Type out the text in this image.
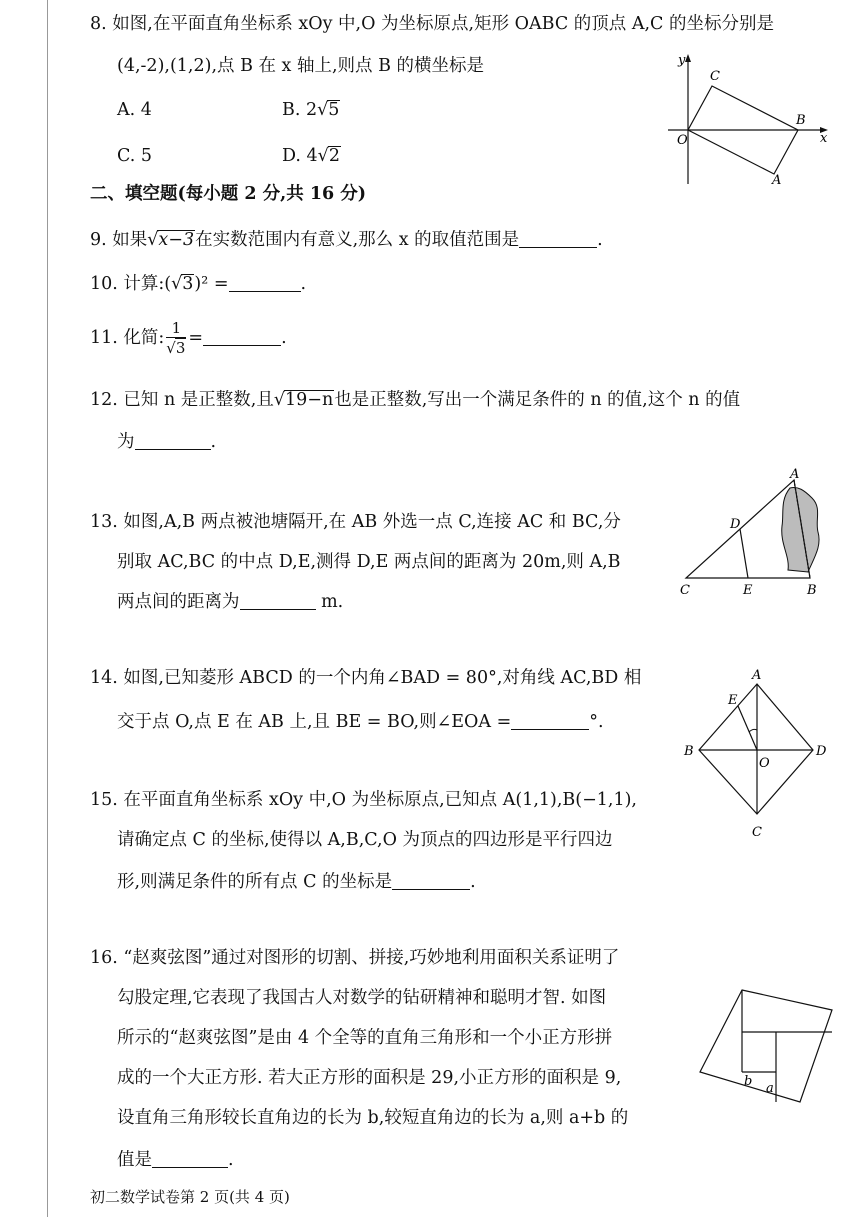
8. 如图,在平面直角坐标系 xOy 中,O 为坐标原点,矩形 OABC 的顶点 A,C 的坐标分别是
(4,-2),(1,2),点 B 在 x 轴上,则点 B 的横坐标是
A. 4	B. 2√5
C. 5	D. 4√2
y
x
O
C
B
A
二、填空题(每小题 2 分,共 16 分)
9. 如果√x−3在实数范围内有意义,那么 x 的取值范围是	.
10. 计算:(√3)² =	.
11. 化简: $\frac{1}{√3}$ =	.
12. 已知 n 是正整数,且√19−n也是正整数,写出一个满足条件的 n 的值,这个 n 的值
为	.
13. 如图,A,B 两点被池塘隔开,在 AB 外选一点 C,连接 AC 和 BC,分
别取 AC,BC 的中点 D,E,测得 D,E 两点间的距离为 20m,则 A,B
两点间的距离为	m.
A
D
C	E	B
14. 如图,已知菱形 ABCD 的一个内角∠BAD = 80°,对角线 AC,BD 相
交于点 O,点 E 在 AB 上,且 BE = BO,则∠EOA =	°.
A
E
B	D
O
C
15. 在平面直角坐标系 xOy 中,O 为坐标原点,已知点 A(1,1),B(−1,1),
请确定点 C 的坐标,使得以 A,B,C,O 为顶点的四边形是平行四边
形,则满足条件的所有点 C 的坐标是	.
16. “赵爽弦图”通过对图形的切割、拼接,巧妙地利用面积关系证明了
勾股定理,它表现了我国古人对数学的钻研精神和聪明才智. 如图
所示的“赵爽弦图”是由 4 个全等的直角三角形和一个小正方形拼
成的一个大正方形. 若大正方形的面积是 29,小正方形的面积是 9,
设直角三角形较长直角边的长为 b,较短直角边的长为 a,则 a+b 的
值是	.
b a
初二数学试卷第 2 页(共 4 页)
